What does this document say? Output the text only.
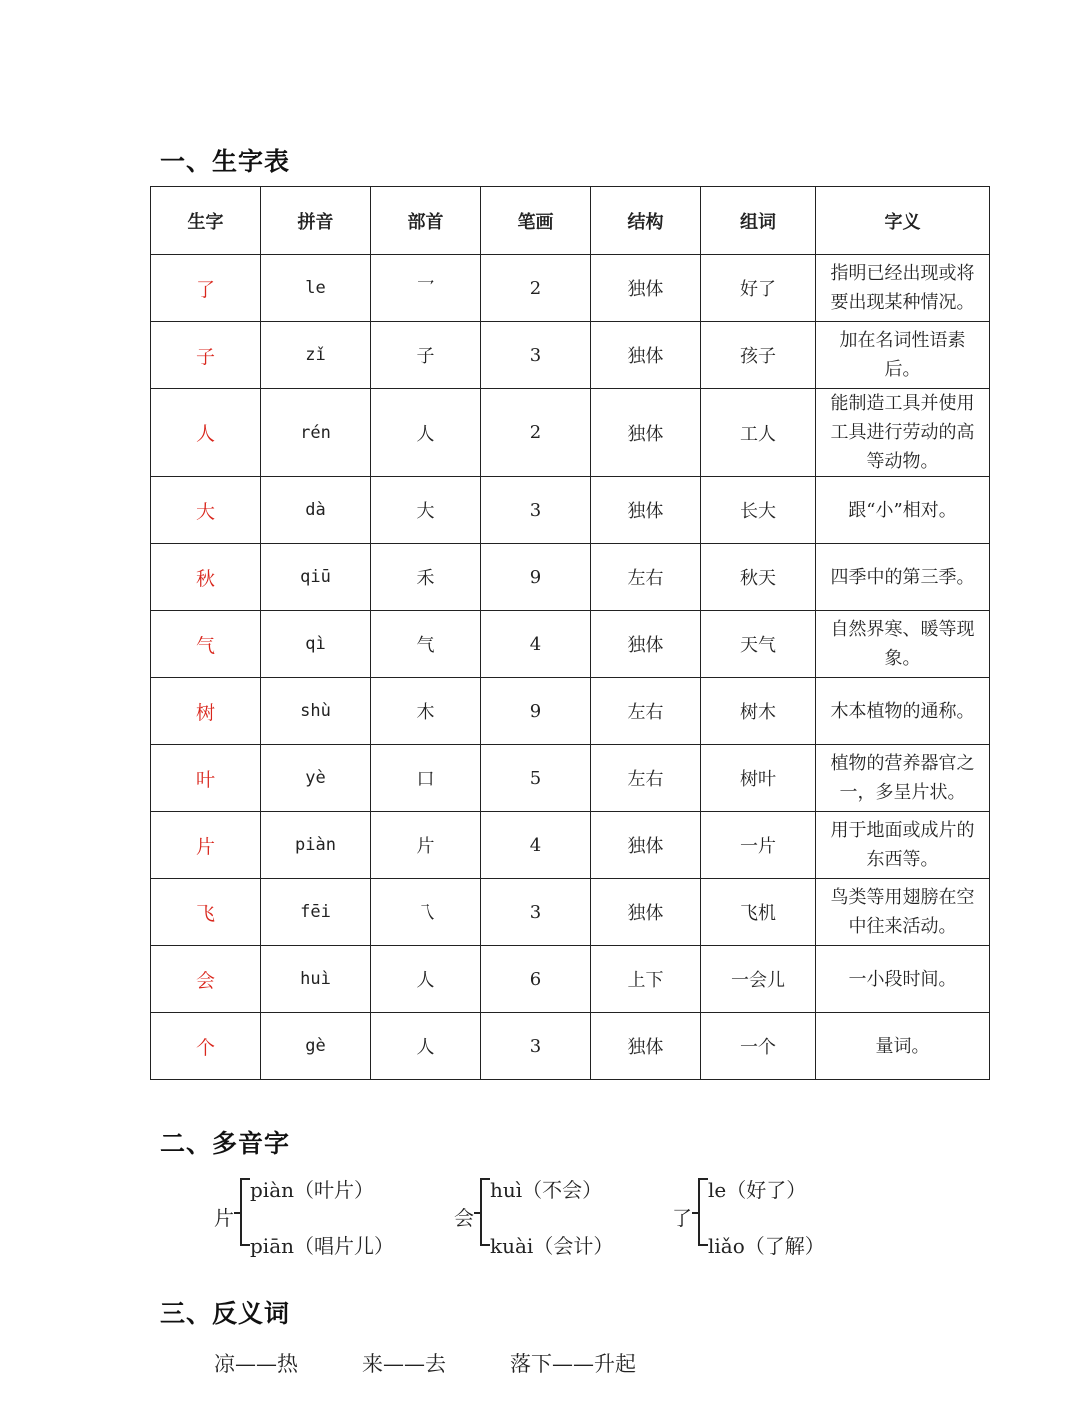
一、生字表
生字	拼音	部首	笔画	结构	组词	字义
了	le	乛	2	独体	好了	指明已经出现或将要出现某种情况。
子	zǐ	子	3	独体	孩子	加在名词性语素后。
人	rén	人	2	独体	工人	能制造工具并使用工具进行劳动的高等动物。
大	dà	大	3	独体	长大	跟“小”相对。
秋	qiū	禾	9	左右	秋天	四季中的第三季。
气	qì	气	4	独体	天气	自然界寒、暖等现象。
树	shù	木	9	左右	树木	木本植物的通称。
叶	yè	口	5	左右	树叶	植物的营养器官之一，多呈片状。
片	piàn	片	4	独体	一片	用于地面或成片的东西等。
飞	fēi	乁	3	独体	飞机	鸟类等用翅膀在空中往来活动。
会	huì	人	6	上下	一会儿	一小段时间。
个	gè	人	3	独体	一个	量词。
二、多音字
片
piàn（叶片）
piān（唱片儿）
会
huì（不会）
kuài（会计）
了
le（好了）
liǎo（了解）
三、反义词
凉——热	来——去	落下——升起
